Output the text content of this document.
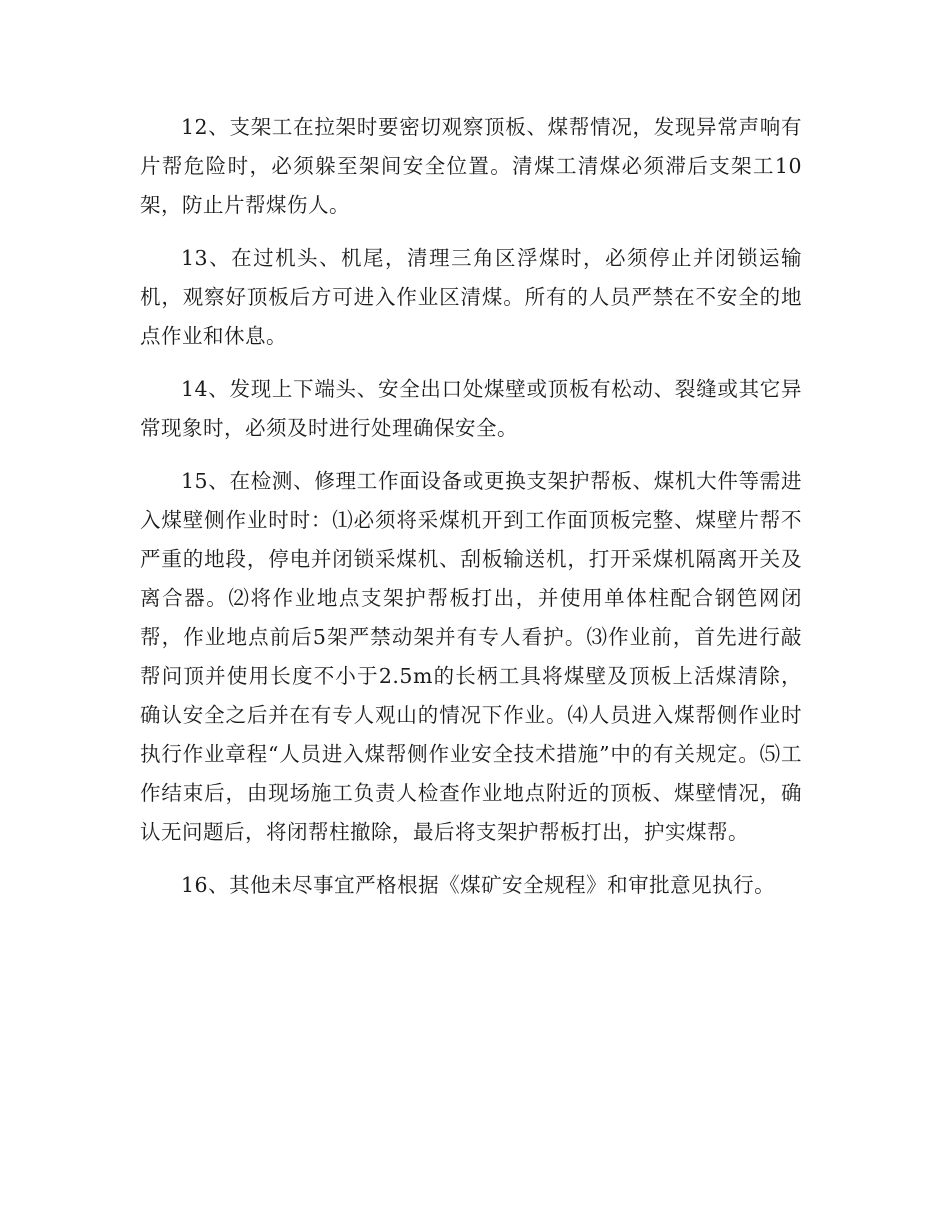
12、支架工在拉架时要密切观察顶板、煤帮情况，发现异常声响有片帮危险时，必须躲至架间安全位置。清煤工清煤必须滞后支架工10架，防止片帮煤伤人。

13、在过机头、机尾，清理三角区浮煤时，必须停止并闭锁运输机，观察好顶板后方可进入作业区清煤。所有的人员严禁在不安全的地点作业和休息。

14、发现上下端头、安全出口处煤壁或顶板有松动、裂缝或其它异常现象时，必须及时进行处理确保安全。

15、在检测、修理工作面设备或更换支架护帮板、煤机大件等需进入煤壁侧作业时时：⑴必须将采煤机开到工作面顶板完整、煤壁片帮不严重的地段，停电并闭锁采煤机、刮板输送机，打开采煤机隔离开关及离合器。⑵将作业地点支架护帮板打出，并使用单体柱配合钢笆网闭帮，作业地点前后5架严禁动架并有专人看护。⑶作业前，首先进行敲帮问顶并使用长度不小于2.5m的长柄工具将煤壁及顶板上活煤清除，确认安全之后并在有专人观山的情况下作业。⑷人员进入煤帮侧作业时执行作业章程“人员进入煤帮侧作业安全技术措施”中的有关规定。⑸工作结束后，由现场施工负责人检查作业地点附近的顶板、煤壁情况，确认无问题后，将闭帮柱撤除，最后将支架护帮板打出，护实煤帮。

16、其他未尽事宜严格根据《煤矿安全规程》和审批意见执行。
